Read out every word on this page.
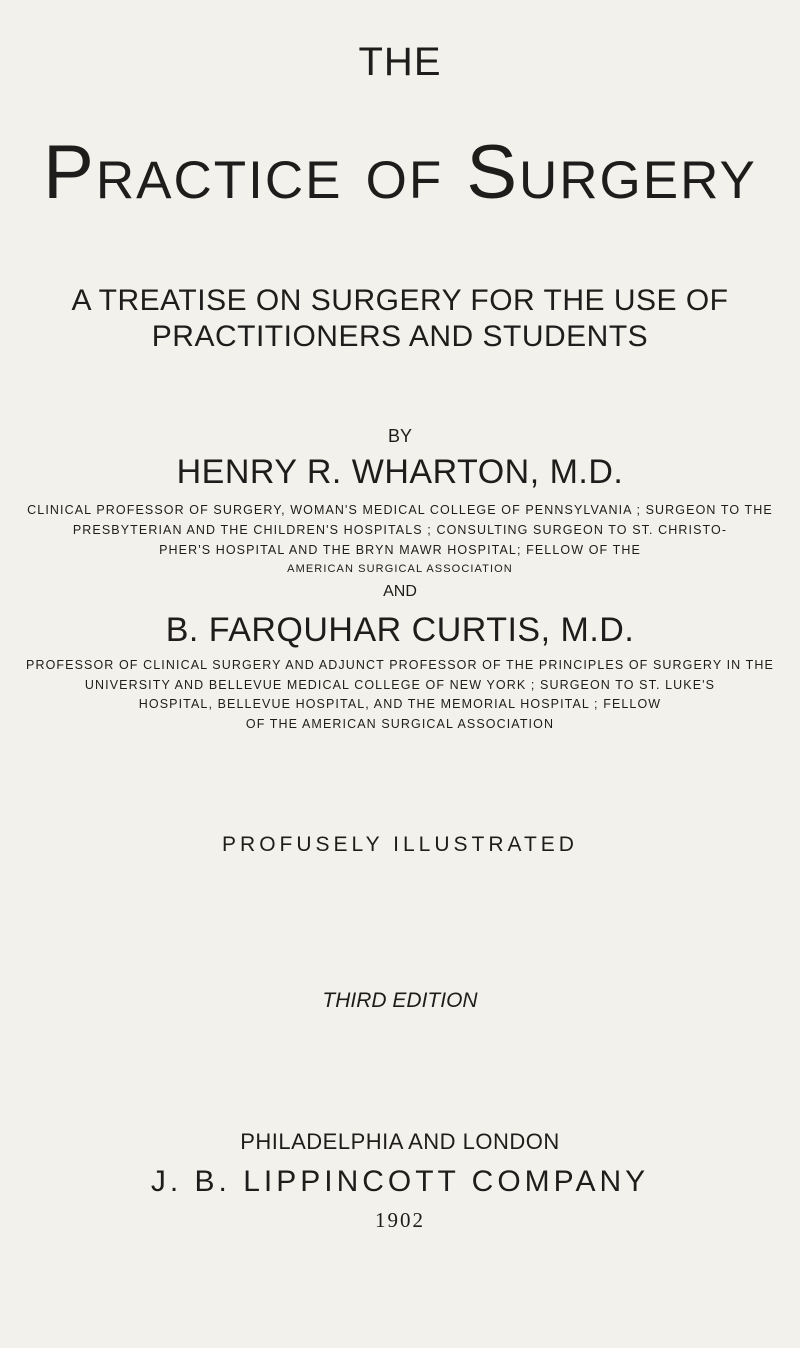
THE
Practice of Surgery
A TREATISE ON SURGERY FOR THE USE OF
PRACTITIONERS AND STUDENTS
BY
HENRY R. WHARTON, M.D.
CLINICAL PROFESSOR OF SURGERY, WOMAN'S MEDICAL COLLEGE OF PENNSYLVANIA ; SURGEON TO THE
PRESBYTERIAN AND THE CHILDREN'S HOSPITALS ; CONSULTING SURGEON TO ST. CHRISTO-
PHER'S HOSPITAL AND THE BRYN MAWR HOSPITAL; FELLOW OF THE
AMERICAN SURGICAL ASSOCIATION
AND
B. FARQUHAR CURTIS, M.D.
PROFESSOR OF CLINICAL SURGERY AND ADJUNCT PROFESSOR OF THE PRINCIPLES OF SURGERY IN THE
UNIVERSITY AND BELLEVUE MEDICAL COLLEGE OF NEW YORK ; SURGEON TO ST. LUKE'S
HOSPITAL, BELLEVUE HOSPITAL, AND THE MEMORIAL HOSPITAL ; FELLOW
OF THE AMERICAN SURGICAL ASSOCIATION
PROFUSELY ILLUSTRATED
THIRD EDITION
PHILADELPHIA AND LONDON
J. B. LIPPINCOTT COMPANY
1902
